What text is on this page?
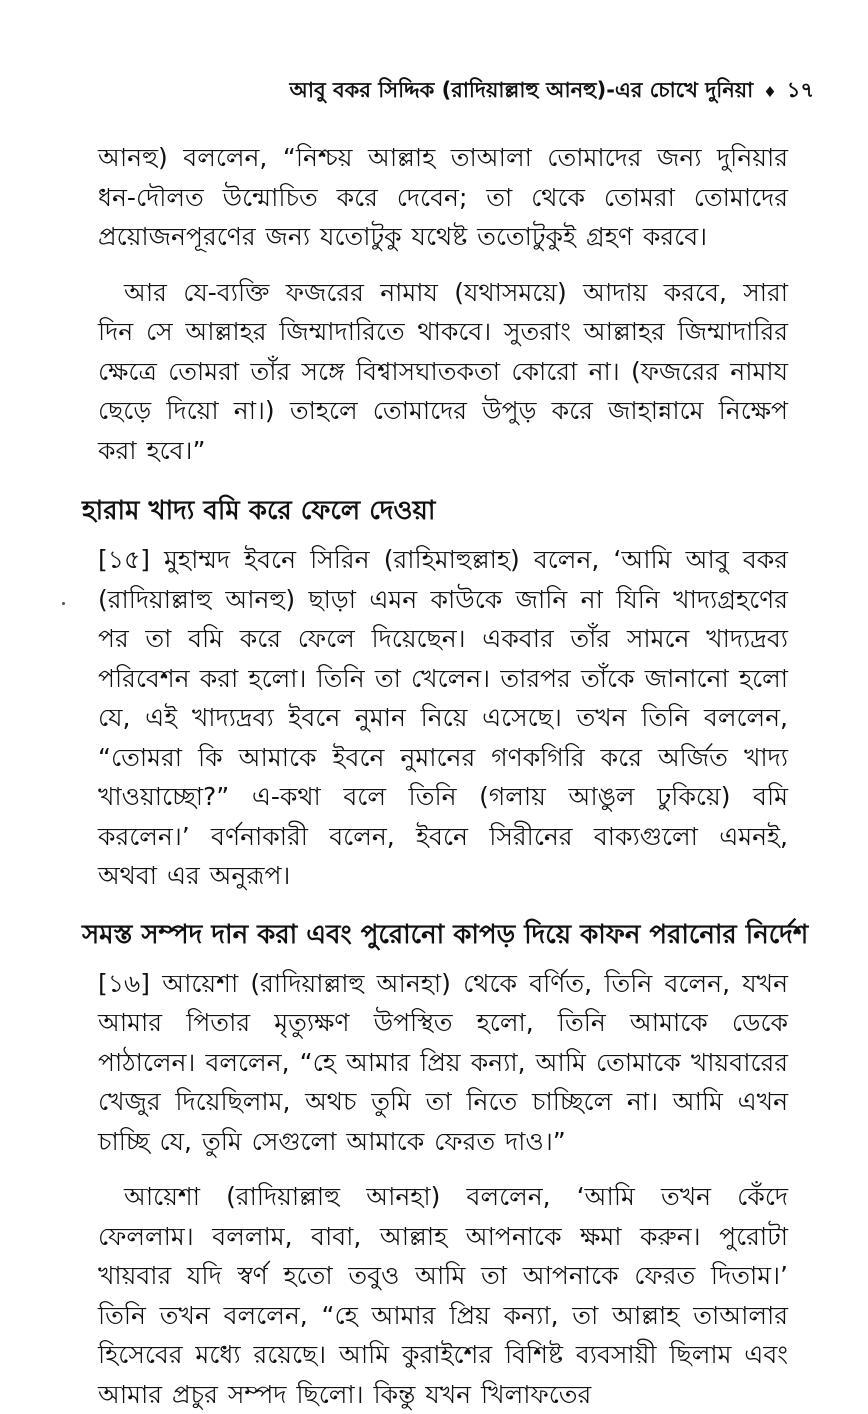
আবু বকর সিদ্দিক (রাদিয়াল্লাহু আনহু)-এর চোখে দুনিয়া ♦ ১৭

আনহু) বললেন, “নিশ্চয় আল্লাহ তাআলা তোমাদের জন্য দুনিয়ার ধন-দৌলত উন্মোচিত করে দেবেন; তা থেকে তোমরা তোমাদের প্রয়োজনপূরণের জন্য যতোটুকু যথেষ্ট ততোটুকুই গ্রহণ করবে।

আর যে-ব্যক্তি ফজরের নামায (যথাসময়ে) আদায় করবে, সারা দিন সে আল্লাহর জিম্মাদারিতে থাকবে। সুতরাং আল্লাহর জিম্মাদারির ক্ষেত্রে তোমরা তাঁর সঙ্গে বিশ্বাসঘাতকতা কোরো না। (ফজরের নামায ছেড়ে দিয়ো না।) তাহলে তোমাদের উপুড় করে জাহান্নামে নিক্ষেপ করা হবে।”

হারাম খাদ্য বমি করে ফেলে দেওয়া

[১৫] মুহাম্মদ ইবনে সিরিন (রাহিমাহুল্লাহ) বলেন, ‘আমি আবু বকর (রাদিয়াল্লাহু আনহু) ছাড়া এমন কাউকে জানি না যিনি খাদ্যগ্রহণের পর তা বমি করে ফেলে দিয়েছেন। একবার তাঁর সামনে খাদ্যদ্রব্য পরিবেশন করা হলো। তিনি তা খেলেন। তারপর তাঁকে জানানো হলো যে, এই খাদ্যদ্রব্য ইবনে নুমান নিয়ে এসেছে। তখন তিনি বললেন, “তোমরা কি আমাকে ইবনে নুমানের গণকগিরি করে অর্জিত খাদ্য খাওয়াচ্ছো?” এ-কথা বলে তিনি (গলায় আঙুল ঢুকিয়ে) বমি করলেন।’ বর্ণনাকারী বলেন, ইবনে সিরীনের বাক্যগুলো এমনই, অথবা এর অনুরূপ।

সমস্ত সম্পদ দান করা এবং পুরোনো কাপড় দিয়ে কাফন পরানোর নির্দেশ

[১৬] আয়েশা (রাদিয়াল্লাহু আনহা) থেকে বর্ণিত, তিনি বলেন, যখন আমার পিতার মৃত্যুক্ষণ উপস্থিত হলো, তিনি আমাকে ডেকে পাঠালেন। বললেন, “হে আমার প্রিয় কন্যা, আমি তোমাকে খায়বারের খেজুর দিয়েছিলাম, অথচ তুমি তা নিতে চাচ্ছিলে না। আমি এখন চাচ্ছি যে, তুমি সেগুলো আমাকে ফেরত দাও।”

আয়েশা (রাদিয়াল্লাহু আনহা) বললেন, ‘আমি তখন কেঁদে ফেললাম। বললাম, বাবা, আল্লাহ আপনাকে ক্ষমা করুন। পুরোটা খায়বার যদি স্বর্ণ হতো তবুও আমি তা আপনাকে ফেরত দিতাম।’ তিনি তখন বললেন, “হে আমার প্রিয় কন্যা, তা আল্লাহ তাআলার হিসেবের মধ্যে রয়েছে। আমি কুরাইশের বিশিষ্ট ব্যবসায়ী ছিলাম এবং আমার প্রচুর সম্পদ ছিলো। কিন্তু যখন খিলাফতের
